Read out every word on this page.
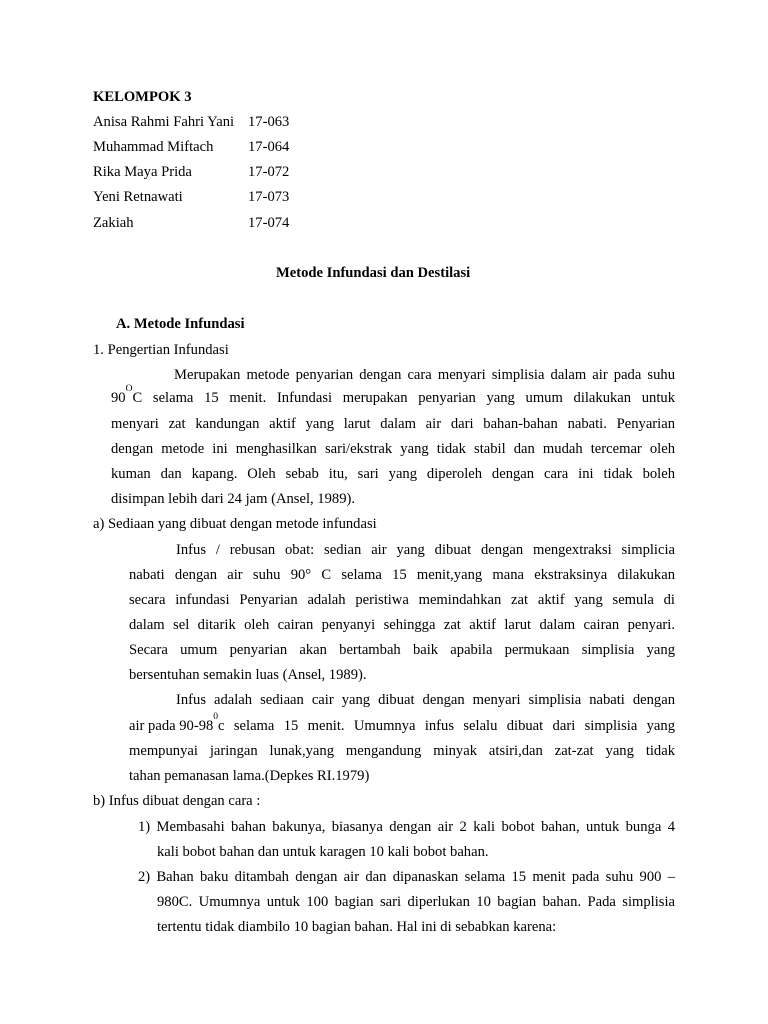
KELOMPOK 3
Anisa Rahmi Fahri Yani 17-063
Muhammad Miftach 17-064
Rika Maya Prida	17-072
Yeni Retnawati	17-073
Zakiah	17-074
Metode Infundasi dan Destilasi
A. Metode Infundasi
1. Pengertian Infundasi
Merupakan metode penyarian dengan cara menyari simplisia dalam air pada suhu
90
O
C selama 15 menit. Infundasi merupakan penyarian yang umum dilakukan untuk
menyari zat kandungan aktif yang larut dalam air dari bahan-bahan nabati. Penyarian
dengan metode ini menghasilkan sari/ekstrak yang tidak stabil dan mudah tercemar oleh
kuman dan kapang. Oleh sebab itu, sari yang diperoleh dengan cara ini tidak boleh
disimpan lebih dari 24 jam (Ansel, 1989).
a) Sediaan yang dibuat dengan metode infundasi
Infus / rebusan obat: sedian air yang dibuat dengan mengextraksi simplicia
nabati dengan air suhu 90° C selama 15 menit,yang mana ekstraksinya dilakukan
secara infundasi Penyarian adalah peristiwa memindahkan zat aktif yang semula di
dalam sel ditarik oleh cairan penyanyi sehingga zat aktif larut dalam cairan penyari.
Secara umum penyarian akan bertambah baik apabila permukaan simplisia yang
bersentuhan semakin luas (Ansel, 1989).
Infus adalah sediaan cair yang dibuat dengan menyari simplisia nabati dengan
air pada 90-98
0
c selama 15 menit. Umumnya infus selalu dibuat dari simplisia yang
mempunyai jaringan lunak,yang mengandung minyak atsiri,dan zat-zat yang tidak
tahan pemanasan lama.(Depkes RI.1979)
b) Infus dibuat dengan cara :
1) Membasahi bahan bakunya, biasanya dengan air 2 kali bobot bahan, untuk bunga 4
kali bobot bahan dan untuk karagen 10 kali bobot bahan.
2) Bahan baku ditambah dengan air dan dipanaskan selama 15 menit pada suhu 900 –
980C. Umumnya untuk 100 bagian sari diperlukan 10 bagian bahan. Pada simplisia
tertentu tidak diambilo 10 bagian bahan. Hal ini di sebabkan karena:
